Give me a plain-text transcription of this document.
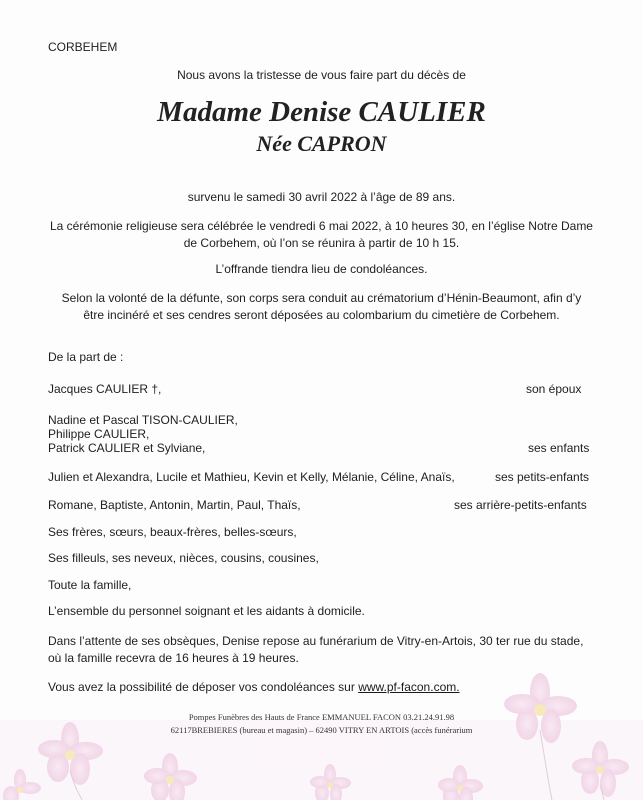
CORBEHEM
Nous avons la tristesse de vous faire part du décès de
Madame Denise CAULIER
Née CAPRON
survenu le samedi 30 avril 2022 à l’âge de 89 ans.
La cérémonie religieuse sera célébrée le vendredi 6 mai 2022, à 10 heures 30, en l’église Notre Dame
de Corbehem, où l’on se réunira à partir de 10 h 15.
L’offrande tiendra lieu de condoléances.
Selon la volonté de la défunte, son corps sera conduit au crématorium d’Hénin-Beaumont, afin d’y
être incinéré et ses cendres seront déposées au colombarium du cimetière de Corbehem.
De la part de :
Jacques CAULIER †,	son époux
Nadine et Pascal TISON-CAULIER,
Philippe CAULIER,
Patrick CAULIER et Sylviane,	ses enfants
Julien et Alexandra, Lucile et Mathieu, Kevin et Kelly, Mélanie, Céline, Anaïs,	ses petits-enfants
Romane, Baptiste, Antonin, Martin, Paul, Thaïs,	ses arrière-petits-enfants
Ses frères, sœurs, beaux-frères, belles-sœurs,
Ses filleuls, ses neveux, nièces, cousins, cousines,
Toute la famille,
L’ensemble du personnel soignant et les aidants à domicile.
Dans l’attente de ses obsèques, Denise repose au funérarium de Vitry-en-Artois, 30 ter rue du stade,
où la famille recevra de 16 heures à 19 heures.
Vous avez la possibilité de déposer vos condoléances sur www.pf-facon.com.
Pompes Funèbres des Hauts de France EMMANUEL FACON 03.21.24.91.98
62117BREBIERES (bureau et magasin) – 62490 VITRY EN ARTOIS (accès funérarium
